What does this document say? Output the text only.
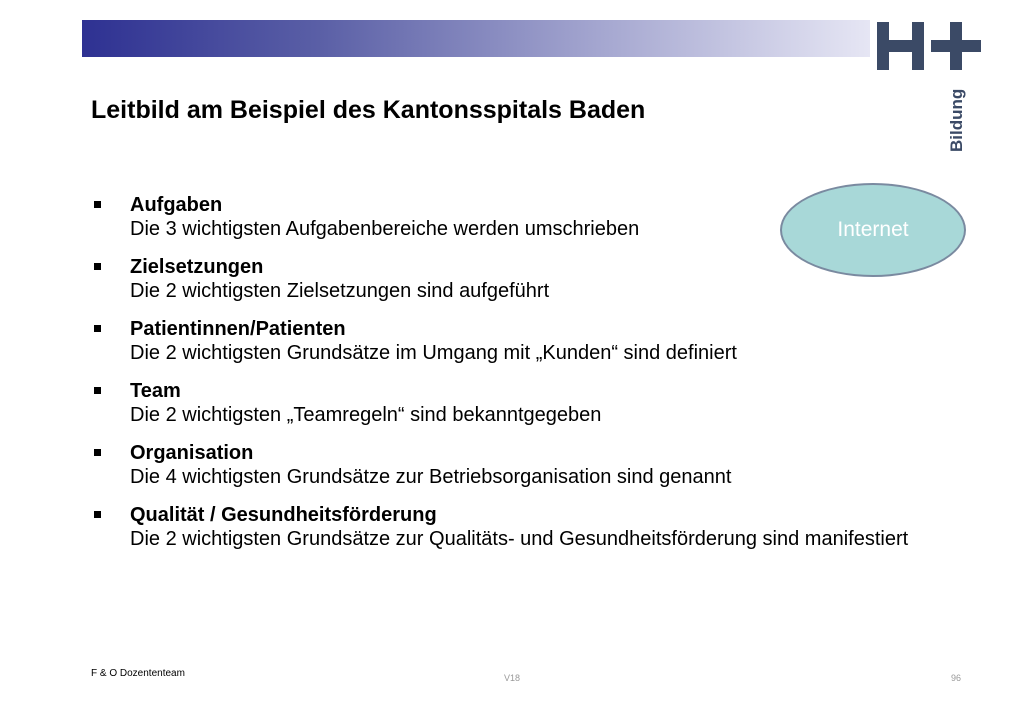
Bildung
Leitbild am Beispiel des Kantonsspitals Baden
Aufgaben
Die 3 wichtigsten Aufgabenbereiche werden umschrieben
Zielsetzungen
Die 2 wichtigsten Zielsetzungen sind aufgeführt
Patientinnen/Patienten
Die 2 wichtigsten Grundsätze im Umgang mit „Kunden“ sind definiert
Team
Die 2 wichtigsten „Teamregeln“ sind bekanntgegeben
Organisation
Die 4 wichtigsten Grundsätze zur Betriebsorganisation sind genannt
Qualität / Gesundheitsförderung
Die 2 wichtigsten Grundsätze zur Qualitäts- und Gesundheitsförderung sind manifestiert
Internet
F & O Dozententeam	V18	96
